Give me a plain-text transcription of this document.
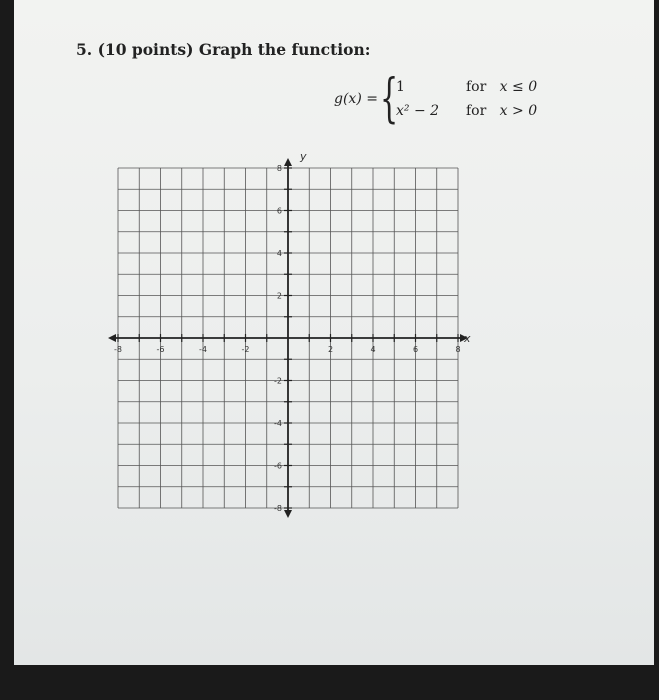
5. (10 points) Graph the function:
g(x) = {
1
x² − 2
for x ≤ 0
for x > 0
-8	-6	-4	-2	2	4	6	8
8
6
4
2
-2
-4
-6
-8
x
y
